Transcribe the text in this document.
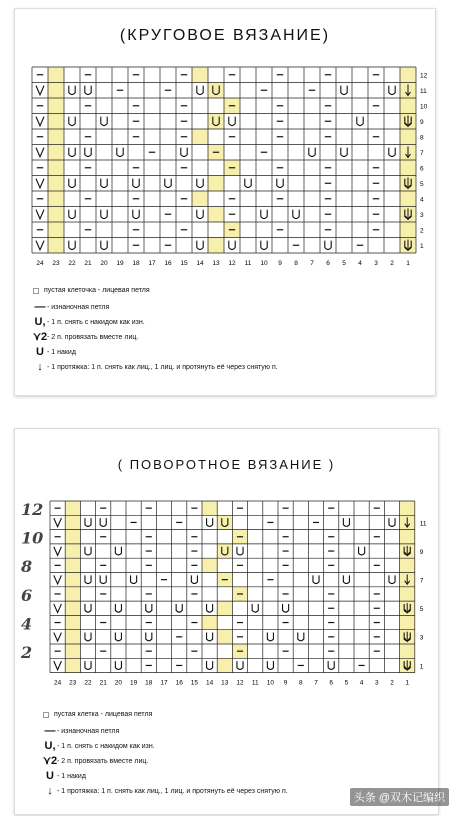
(КРУГОВОЕ ВЯЗАНИЕ)
24 23 22 21 20 19 18 17 16 15 14 13 12 11 10 9 8 7 6 5 4 3 2 1
12
11
10
9
8
7
6
5
4
3
2
1
пустая клеточка - лицевая петля
— - изнаночная петля
U, - 1 п. снять с накидом как изн.
⋎2 - 2 п. провязать вместе лиц.
U - 1 накид
↓ - 1 протяжка: 1 п. снять как лиц., 1 лиц. и протянуть её через снятую п.
( ПОВОРОТНОЕ ВЯЗАНИЕ )
24 23 22 21 20 19 18 17 16 15 14 13 12 11 10 9 8 7 6 5 4 3 2 1
11
9
7
5
3
1
12
10
8
6
4
2
пустая клетка - лицевая петля
— - изнаночная петля
U, - 1 п. снять с накидом как изн.
⋎2 - 2 п. провязать вместе лиц.
U - 1 накид
↓ - 1 протяжка: 1 п. снять как лиц., 1 лиц. и протянуть её через снятую п.
头条 @双木记编织
